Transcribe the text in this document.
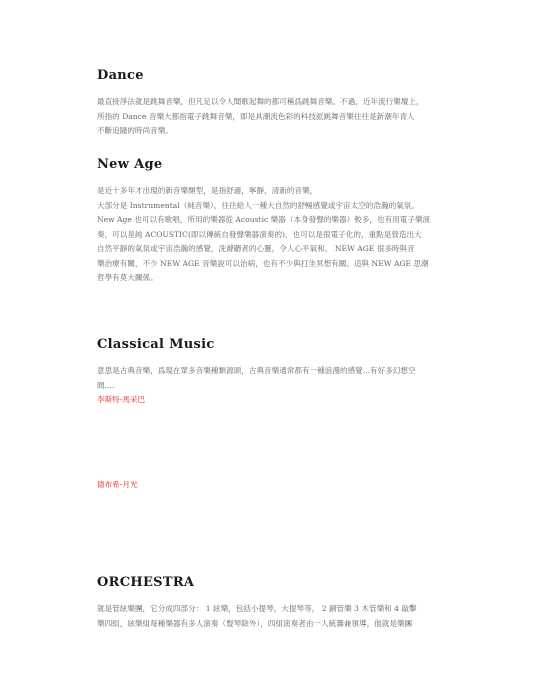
Dance

最直接淨法就是跳舞音樂，但凡足以令人聞歌起舞的都可稱爲跳舞音樂。不過，近年流行樂壇上，
所指的 Dance 音樂大都指電子跳舞音樂，即是具潮流色彩的科技派跳舞音樂往往是新潮年青人
不斷追隨的時尚音樂。

New Age

是近十多年才出現的新音樂類型，是指舒適，寧靜，清新的音樂，
大部分是 Instrumental（純音樂），往往給人一種大自然的舒暢感覺或宇宙太空的浩瀚的氣氛。
New Age 也可以有歌唱，所用的樂器從 Acoustic 樂器（本身發聲的樂器）較多，也有用電子樂演
奏，可以是純 ACOUSTIC(即以傳統自發聲樂器演奏的)，也可以是很電子化的，重點是營造出大
自然平靜的氣氛或宇宙浩瀚的感覺，洗滌聽者的心靈，令人心平氣和。 NEW AGE 很多時與音
樂治療有關，不少 NEW AGE 音樂說可以治病，也有不少與打坐冥想有關。這與 NEW AGE 思潮
哲學有莫大關係。

Classical Music

意思是古典音樂，爲現在眾多音樂種類源頭，古典音樂通常都有一種浪漫的感覺...有好多幻想空
間....

李斯特-馬采巴
德布希-月光
ORCHESTRA

就是管絃樂團，它分成四部分： 1 絃樂，包括小提琴，大提琴等， 2 銅管樂 3 木管樂和 4 敲擊
樂四組，絃樂組每種樂器有多人演奏（豎琴除外），四組演奏者由一人統籌兼領導，他就是樂團
